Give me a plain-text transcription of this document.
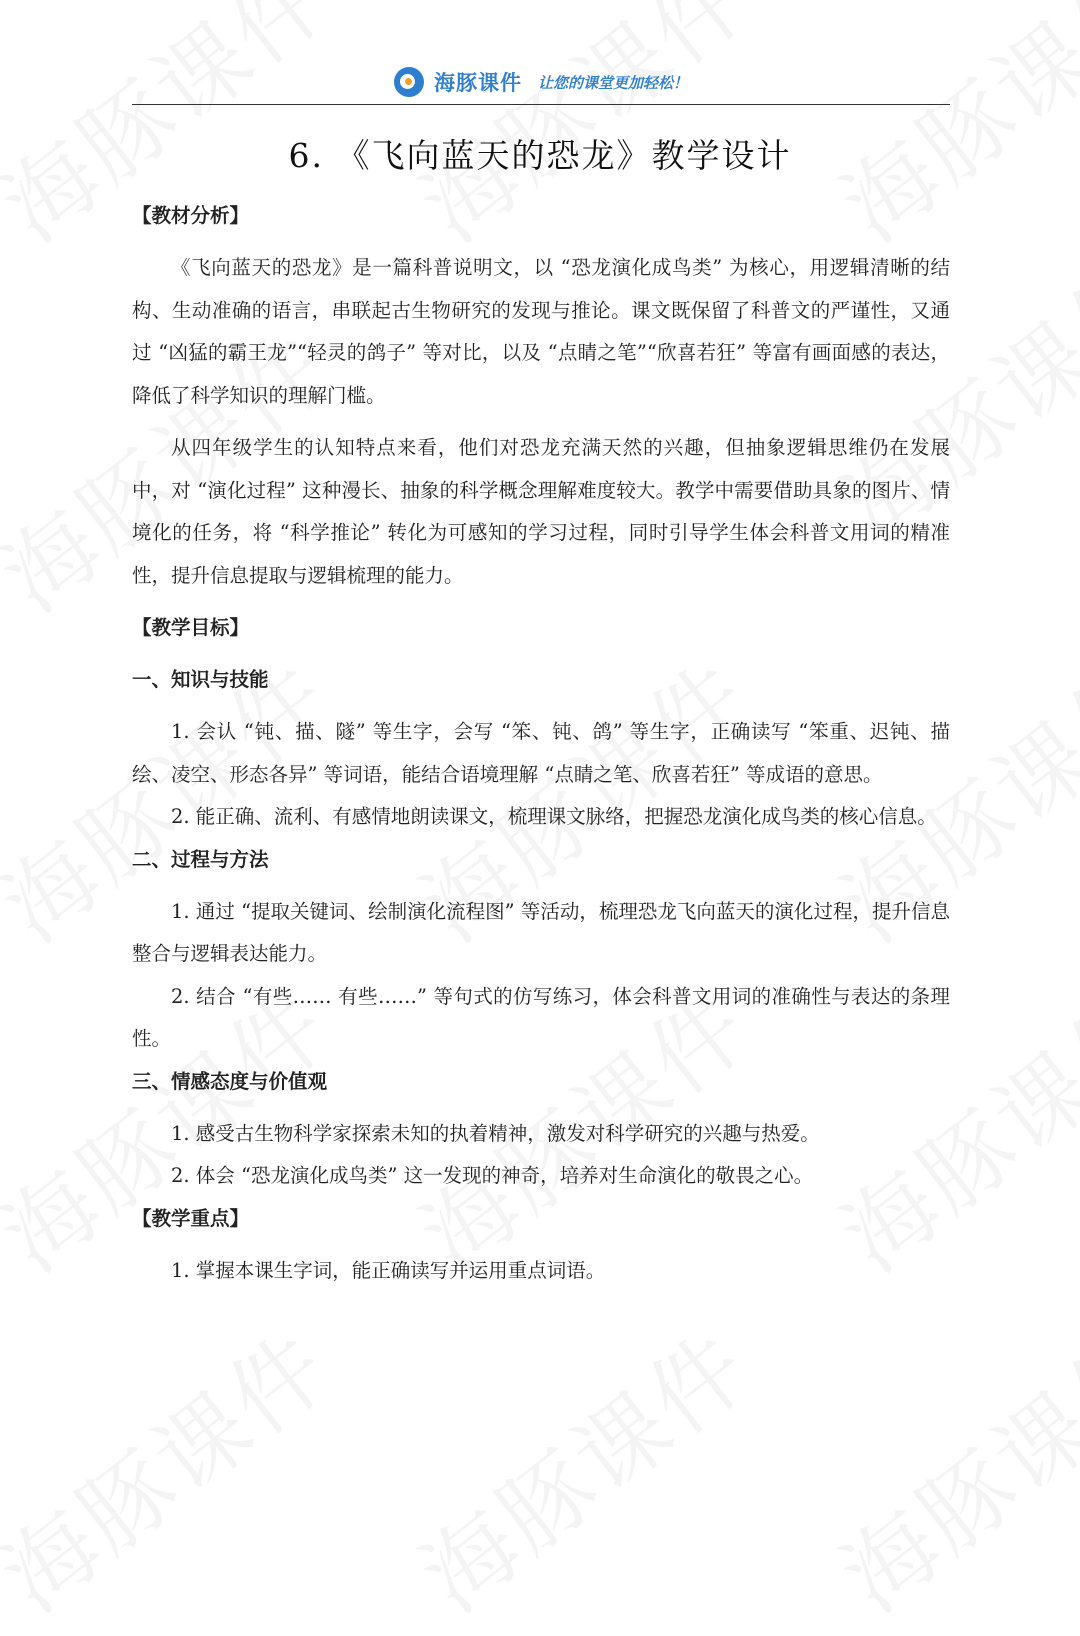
海豚课件 让您的课堂更加轻松！
6. 《飞向蓝天的恐龙》教学设计
【教材分析】

《飞向蓝天的恐龙》是一篇科普说明文，以 “恐龙演化成鸟类” 为核心，用逻辑清晰的结构、生动准确的语言，串联起古生物研究的发现与推论。课文既保留了科普文的严谨性，又通过 “凶猛的霸王龙”“轻灵的鸽子” 等对比，以及 “点睛之笔”“欣喜若狂” 等富有画面感的表达，降低了科学知识的理解门槛。

从四年级学生的认知特点来看，他们对恐龙充满天然的兴趣，但抽象逻辑思维仍在发展中，对 “演化过程” 这种漫长、抽象的科学概念理解难度较大。教学中需要借助具象的图片、情境化的任务，将 “科学推论” 转化为可感知的学习过程，同时引导学生体会科普文用词的精准性，提升信息提取与逻辑梳理的能力。

【教学目标】
一、知识与技能

1. 会认 “钝、描、隧” 等生字，会写 “笨、钝、鸽” 等生字，正确读写 “笨重、迟钝、描绘、凌空、形态各异” 等词语，能结合语境理解 “点睛之笔、欣喜若狂” 等成语的意思。

2. 能正确、流利、有感情地朗读课文，梳理课文脉络，把握恐龙演化成鸟类的核心信息。

二、过程与方法

1. 通过 “提取关键词、绘制演化流程图” 等活动，梳理恐龙飞向蓝天的演化过程，提升信息整合与逻辑表达能力。

2. 结合 “有些…… 有些……” 等句式的仿写练习，体会科普文用词的准确性与表达的条理性。

三、情感态度与价值观

1. 感受古生物科学家探索未知的执着精神，激发对科学研究的兴趣与热爱。

2. 体会 “恐龙演化成鸟类” 这一发现的神奇，培养对生命演化的敬畏之心。

【教学重点】

1. 掌握本课生字词，能正确读写并运用重点词语。
